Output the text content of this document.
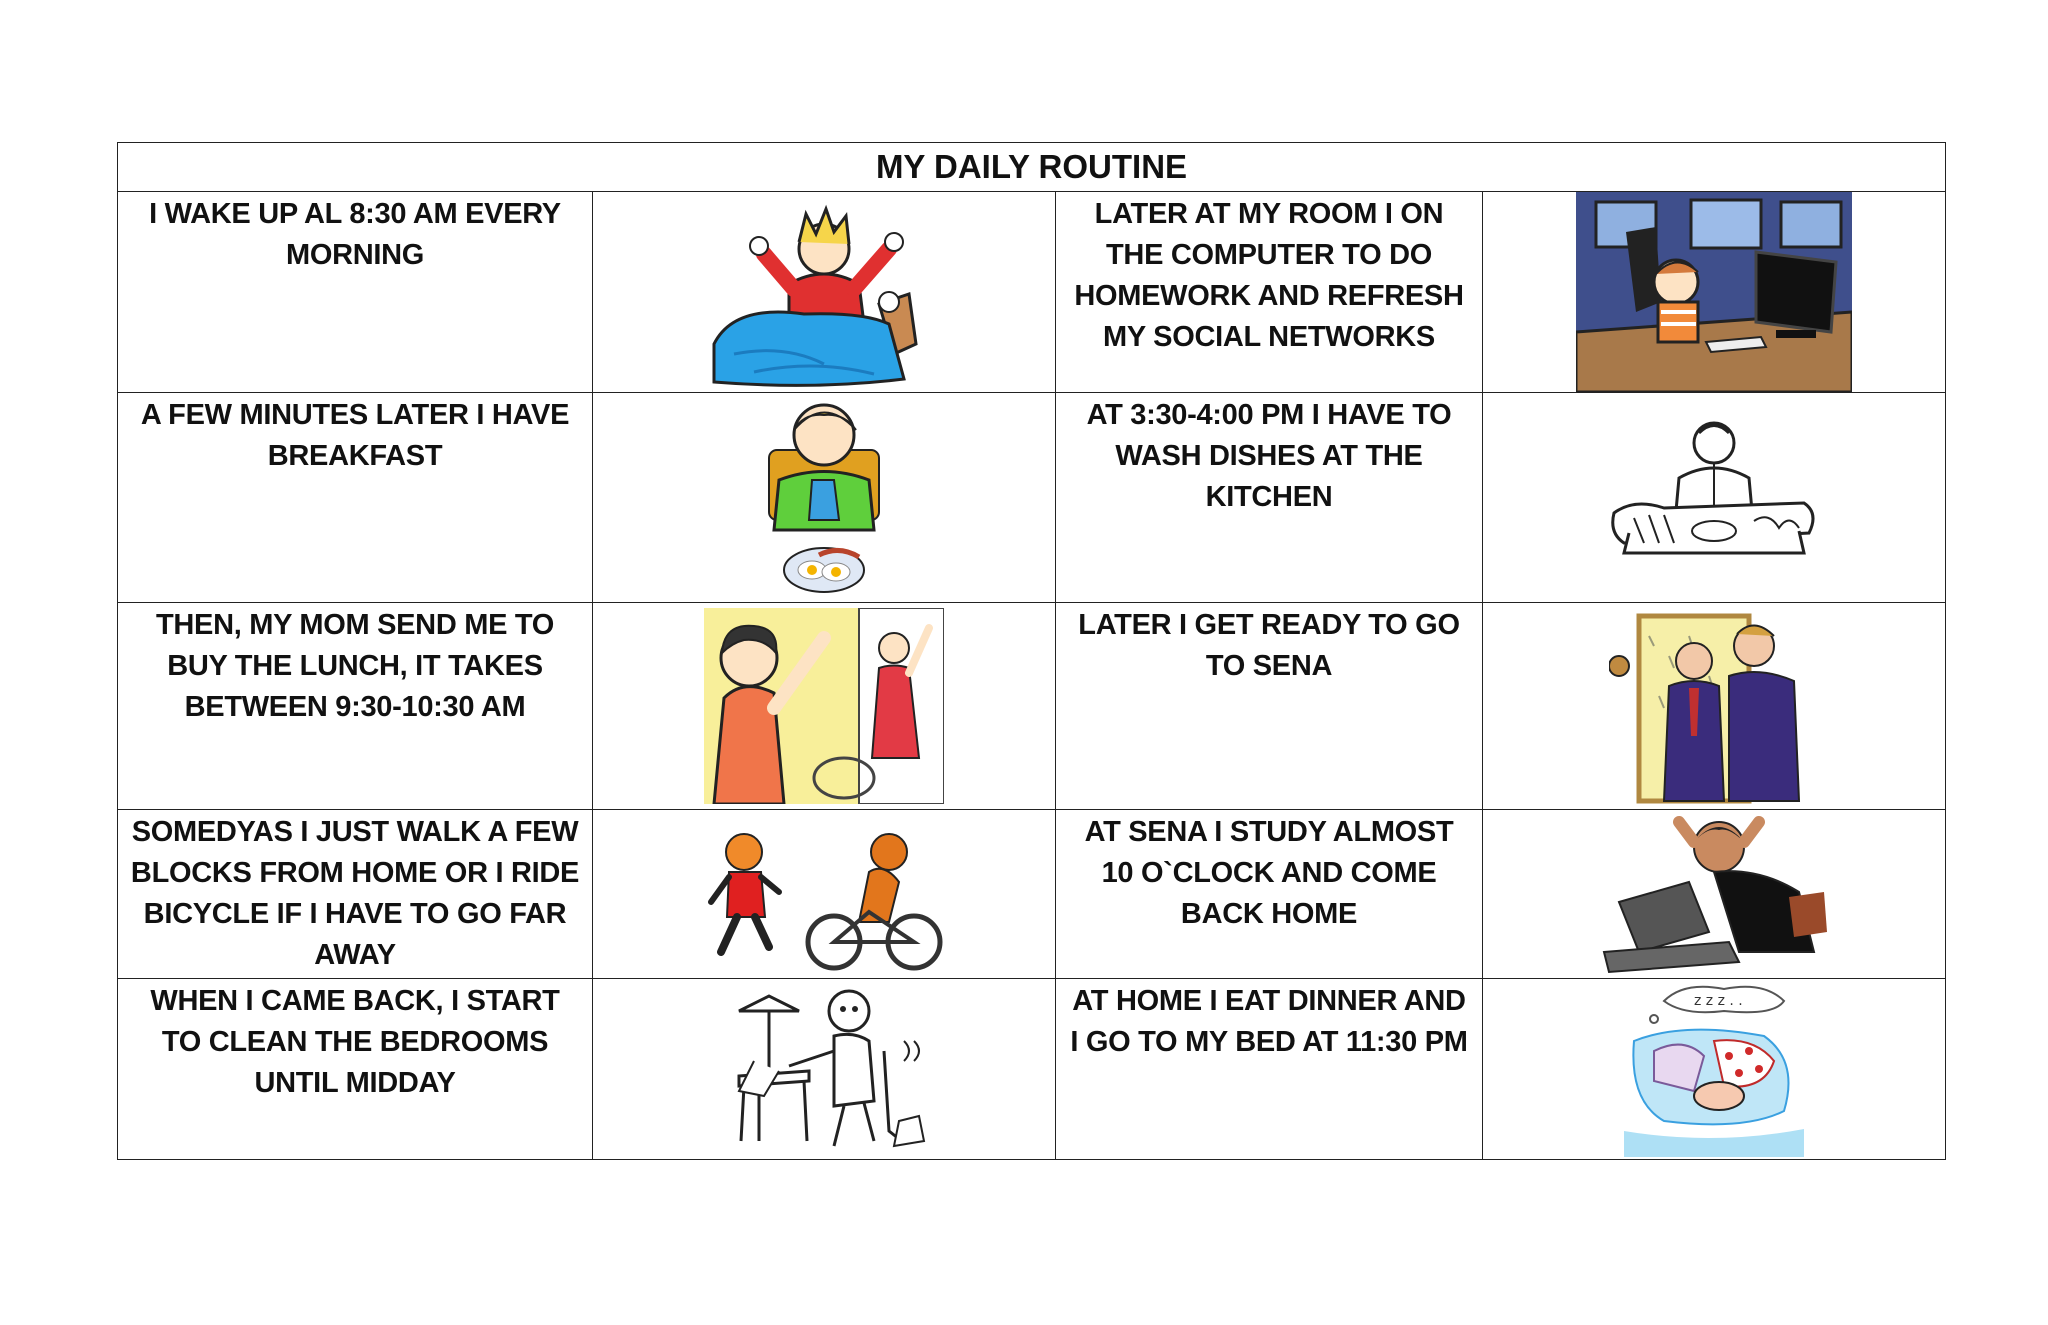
MY DAILY ROUTINE			
I WAKE UP AL 8:30 AM EVERY MORNING		LATER AT MY ROOM I ON THE COMPUTER TO DO HOMEWORK AND REFRESH MY SOCIAL NETWORKS	

A FEW MINUTES LATER I HAVE BREAKFAST		AT 3:30-4:00 PM I HAVE TO WASH DISHES AT THE KITCHEN	

THEN, MY MOM SEND ME TO BUY THE LUNCH, IT TAKES BETWEEN 9:30-10:30 AM		LATER I GET READY TO GO TO SENA	

SOMEDYAS I JUST WALK A FEW BLOCKS FROM HOME OR I RIDE BICYCLE IF I HAVE TO GO FAR AWAY		AT SENA I STUDY ALMOST 10 O`CLOCK AND COME BACK HOME	

WHEN I CAME BACK, I START TO CLEAN THE BEDROOMS UNTIL MIDDAY		AT HOME I EAT DINNER AND I GO TO MY BED AT 11:30 PM	z z z . .
